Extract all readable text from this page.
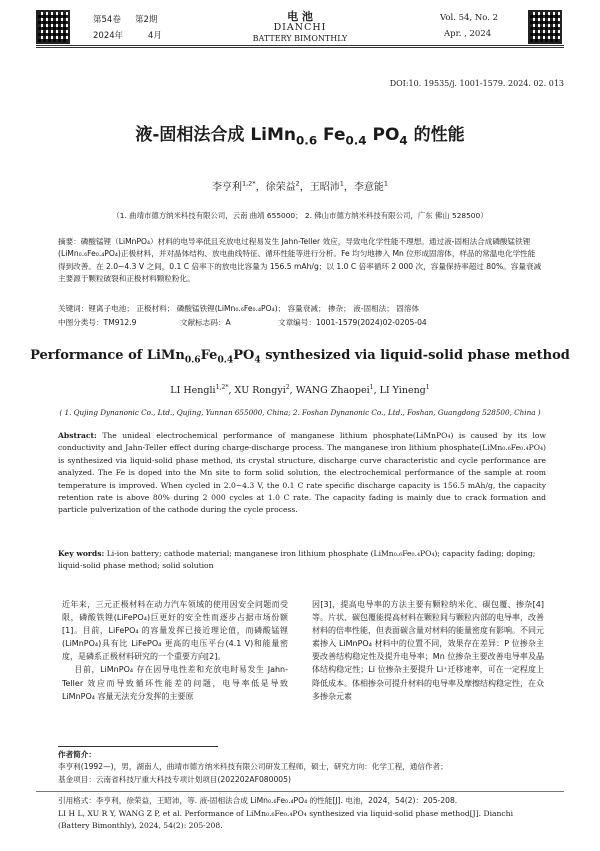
第54卷 第2期
2024年	4月
电 池
DIANCHI
BATTERY BIMONTHLY
Vol. 54, No. 2
Apr. , 2024
DOI:10. 19535/j. 1001-1579. 2024. 02. 013
液-固相法合成 LiMn$_{0.6}$ $Fe_{0.4}$ $PO_4$ 的性能
李亨利$^{1,2*}$，徐荣益$^2$，王昭沛$^1$，李意能$^1$
（1. 曲靖市德方纳米科技有限公司，云南 曲靖 655000； 2. 佛山市德方纳米科技有限公司，广东 佛山 528500）
摘要：磷酸锰锂（LiMnPO₄）材料的电导率低且充放电过程易发生 Jahn-Teller 效应，导致电化学性能不理想。通过液-固相法合成磷酸锰铁锂(LiMn₀.₆Fe₀.₄PO₄)正极材料，并对晶体结构、放电曲线特征、循环性能等进行分析。Fe 均匀地掺入 Mn 位形成固溶体，样品的常温电化学性能得到改善。在 2.0~4.3 V 之间，0.1 C 倍率下的放电比容量为 156.5 mAh/g；以 1.0 C 倍率循环 2 000 次，容量保持率超过 80%。容量衰减主要源于颗粒破裂和正极材料颗粒粉化。
关键词：锂离子电池； 正极材料； 磷酸锰铁锂(LiMn₀.₆Fe₀.₄PO₄)； 容量衰减； 掺杂； 液-固相法； 固溶体
中图分类号：TM912.9	文献标志码：A	文章编号：1001-1579(2024)02-0205-04
Performance of $LiMn_{0.6}Fe_{0.4}PO_4$ synthesized via liquid-solid phase method
LI Hengli$^{1,2*}$, XU Rongyi$^2$, WANG Zhaopei$^1$, LI Yineng$^1$
( 1. Qujing Dynanonic Co., Ltd., Qujing, Yunnan 655000, China; 2. Foshan Dynanonic Co., Ltd., Foshan, Guangdong 528500, China )
Abstract: The unideal electrochemical performance of manganese lithium phosphate(LiMnPO₄) is caused by its low conductivity and Jahn-Teller effect during charge-discharge process. The manganese iron lithium phosphate(LiMn₀.₆Fe₀.₄PO₄) is synthesized via liquid-solid phase method, its crystal structure, discharge curve characteristic and cycle performance are analyzed. The Fe is doped into the Mn site to form solid solution, the electrochemical performance of the sample at room temperature is improved. When cycled in 2.0~4.3 V, the 0.1 C rate specific discharge capacity is 156.5 mAh/g, the capacity retention rate is above 80% during 2 000 cycles at 1.0 C rate. The capacity fading is mainly due to crack formation and particle pulverization of the cathode during the cycle process.
Key words: Li-ion battery; cathode material; manganese iron lithium phosphate (LiMn₀.₆Fe₀.₄PO₄); capacity fading; doping; liquid-solid phase method; solid solution
近年来，三元正极材料在动力汽车领域的使用因安全问题而受限，磷酸铁锂(LiFePO₄)巨更好的安全性而逐步占据市场份额[1]。目前，LiFePO₄ 的容量发挥已接近理论值，而磷酸锰锂(LiMnPO₄)具有比 LiFePO₄ 更高的电压平台(4.1 V)和能量密度，是磷系正极材料研究的一个重要方向[2]。
目前，LiMnPO₄ 存在因导电性差和充放电时易发生 Jahn-Teller 效应而导致循环性能差的问题，电导率低是导致 LiMnPO₄ 容量无法充分发挥的主要原
因[3]，提高电导率的方法主要有颗粒纳米化、碳包覆、掺杂[4]等。片状、碳包覆能提高材料在颗粒间与颗粒内部的电导率，改善材料的倍率性能，但表面碳含量对材料的能量密度有影响。不同元素掺入 LiMnPO₄ 材料中的位置不同，效果存在差异：P 位掺杂主要改善结构稳定性及提升电导率；Mn 位掺杂主要改善电导率及晶体结构稳定性；Li 位掺杂主要提升 Li⁺迁移速率，可在一定程度上降低成本。体相掺杂可提升材料的电导率及摩擦结构稳定性，在众多掺杂元素
作者简介：
李亨利(1992—)，男，湖南人，曲靖市德方纳米科技有限公司研发工程师，硕士，研究方向：化学工程，通信作者；
基金项目：云南省科技厅重大科技专项计划项目(202202AF080005)
引用格式：李亨利，徐荣益，王昭沛，等. 液-固相法合成 LiMn₀.₆Fe₀.₄PO₄ 的性能[J]. 电池，2024，54(2)：205-208.
LI H L, XU R Y, WANG Z P, et al. Performance of LiMn₀.₆Fe₀.₄PO₄ synthesized via liquid-solid phase method[J]. Dianchi (Battery Bimonthly), 2024, 54(2): 205-208.
